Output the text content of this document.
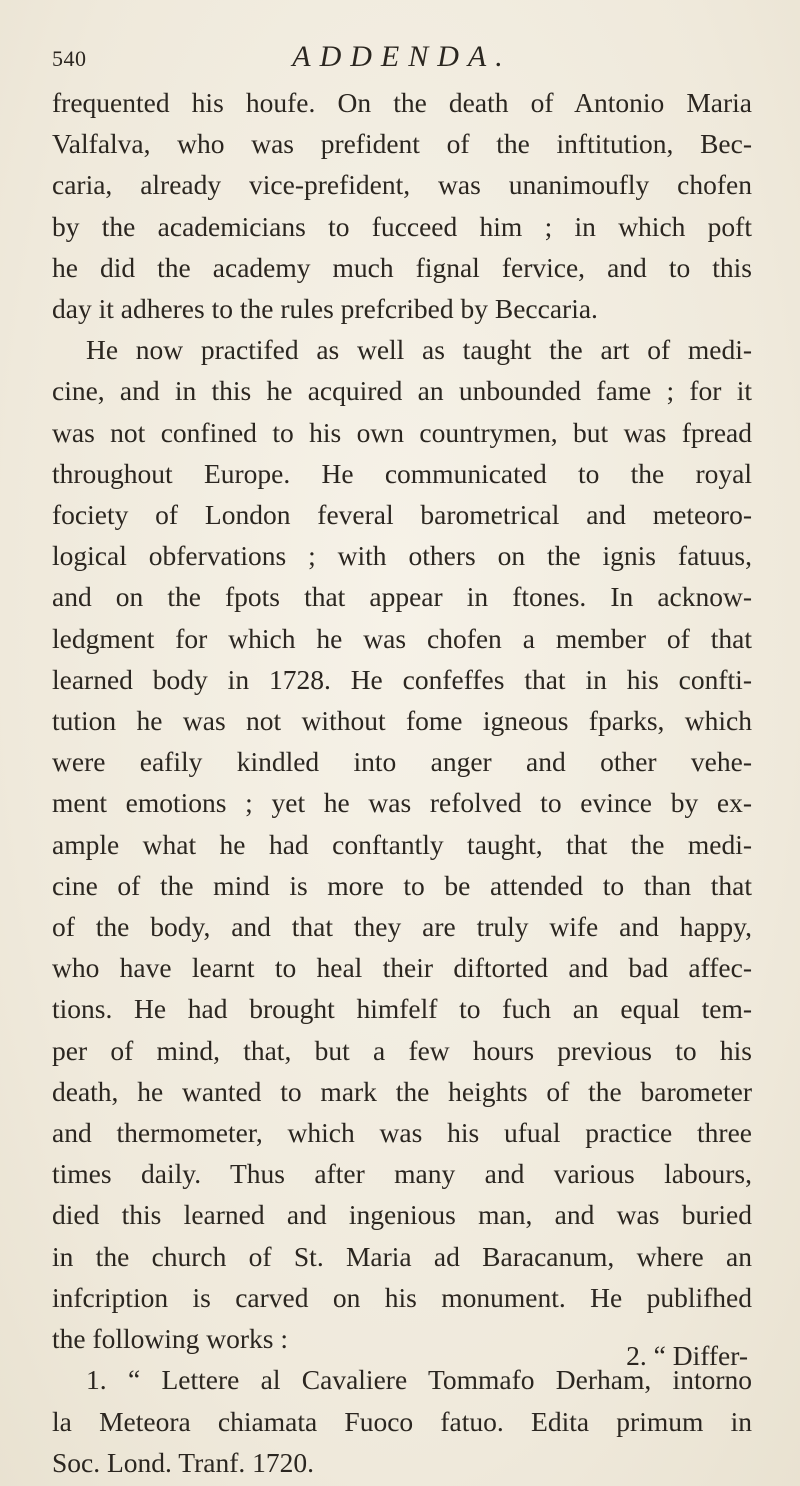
540	ADDENDA.
frequented his houfe. On the death of Antonio Maria
Valfalva, who was prefident of the inftitution, Bec-
caria, already vice-prefident, was unanimoufly chofen
by the academicians to fucceed him ; in which poft
he did the academy much fignal fervice, and to this
day it adheres to the rules prefcribed by Beccaria.
He now practifed as well as taught the art of medi-
cine, and in this he acquired an unbounded fame ; for it
was not confined to his own countrymen, but was fpread
throughout Europe. He communicated to the royal
fociety of London feveral barometrical and meteoro-
logical obfervations ; with others on the ignis fatuus,
and on the fpots that appear in ftones. In acknow-
ledgment for which he was chofen a member of that
learned body in 1728. He confeffes that in his confti-
tution he was not without fome igneous fparks, which
were eafily kindled into anger and other vehe-
ment emotions ; yet he was refolved to evince by ex-
ample what he had conftantly taught, that the medi-
cine of the mind is more to be attended to than that
of the body, and that they are truly wife and happy,
who have learnt to heal their diftorted and bad affec-
tions. He had brought himfelf to fuch an equal tem-
per of mind, that, but a few hours previous to his
death, he wanted to mark the heights of the barometer
and thermometer, which was his ufual practice three
times daily. Thus after many and various labours,
died this learned and ingenious man, and was buried
in the church of St. Maria ad Baracanum, where an
infcription is carved on his monument. He publifhed
the following works :
1. “ Lettere al Cavaliere Tommafo Derham, intorno
la Meteora chiamata Fuoco fatuo. Edita primum in
Soc. Lond. Tranf. 1720.
2. “ Differ-
